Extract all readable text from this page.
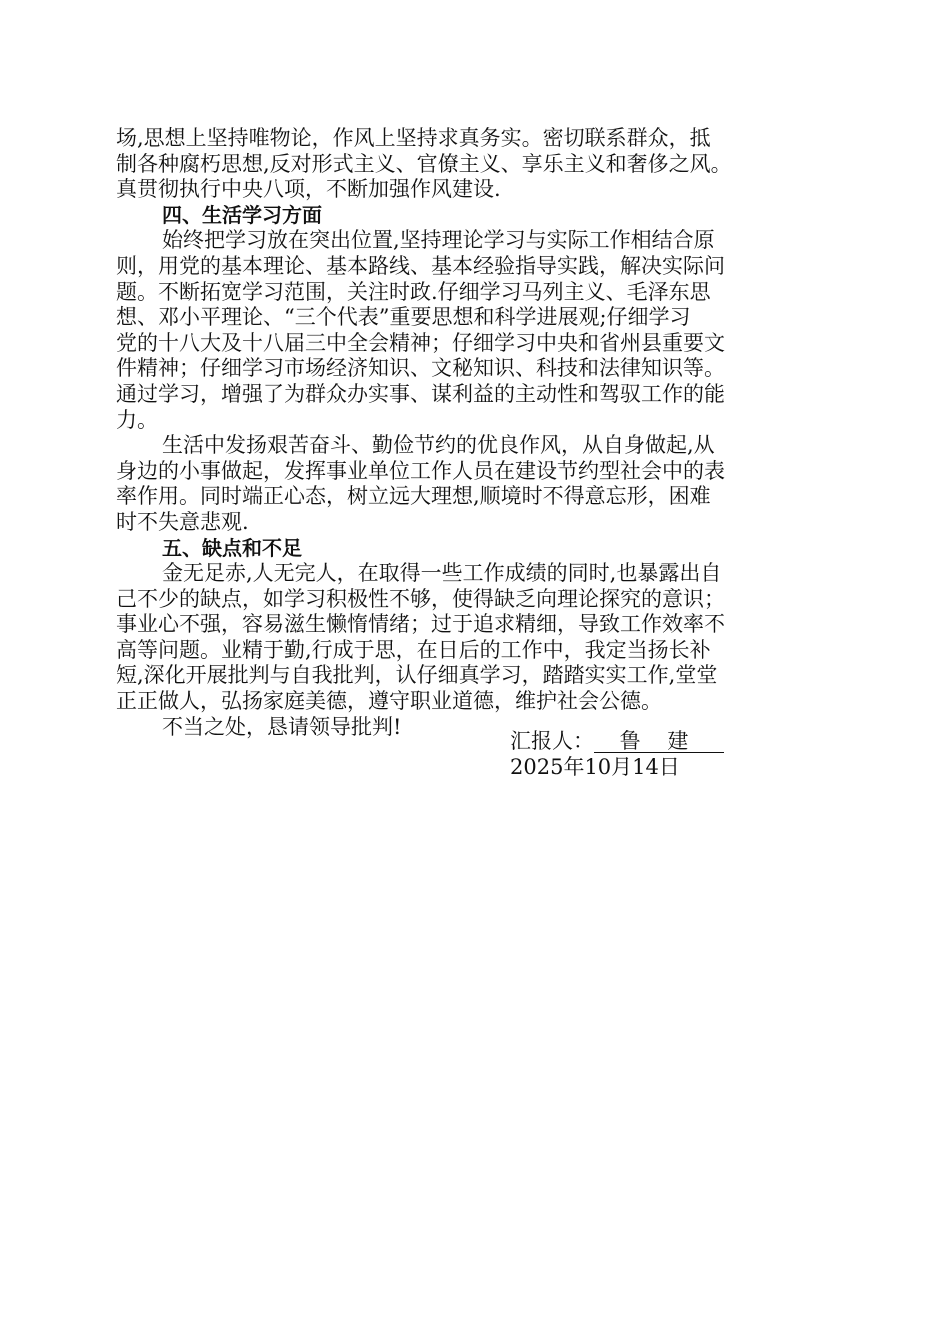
场,思想上坚持唯物论，作风上坚持求真务实。密切联系群众，抵
制各种腐朽思想,反对形式主义、官僚主义、享乐主义和奢侈之风。
真贯彻执行中央八项，不断加强作风建设.
四、生活学习方面
始终把学习放在突出位置,坚持理论学习与实际工作相结合原
则，用党的基本理论、基本路线、基本经验指导实践，解决实际问
题。不断拓宽学习范围，关注时政.仔细学习马列主义、毛泽东思
想、邓小平理论、“三个代表”重要思想和科学进展观;仔细学习
党的十八大及十八届三中全会精神；仔细学习中央和省州县重要文
件精神；仔细学习市场经济知识、文秘知识、科技和法律知识等。
通过学习，增强了为群众办实事、谋利益的主动性和驾驭工作的能
力。
生活中发扬艰苦奋斗、勤俭节约的优良作风，从自身做起,从
身边的小事做起，发挥事业单位工作人员在建设节约型社会中的表
率作用。同时端正心态，树立远大理想,顺境时不得意忘形，困难
时不失意悲观.
五、缺点和不足
金无足赤,人无完人，在取得一些工作成绩的同时,也暴露出自
己不少的缺点，如学习积极性不够，使得缺乏向理论探究的意识；
事业心不强，容易滋生懒惰情绪；过于追求精细，导致工作效率不
高等问题。业精于勤,行成于思，在日后的工作中，我定当扬长补
短,深化开展批判与自我批判，认仔细真学习，踏踏实实工作,堂堂
正正做人，弘扬家庭美德，遵守职业道德，维护社会公德。
不当之处，恳请领导批判!
汇报人： 鲁 建
2025年10月14日
